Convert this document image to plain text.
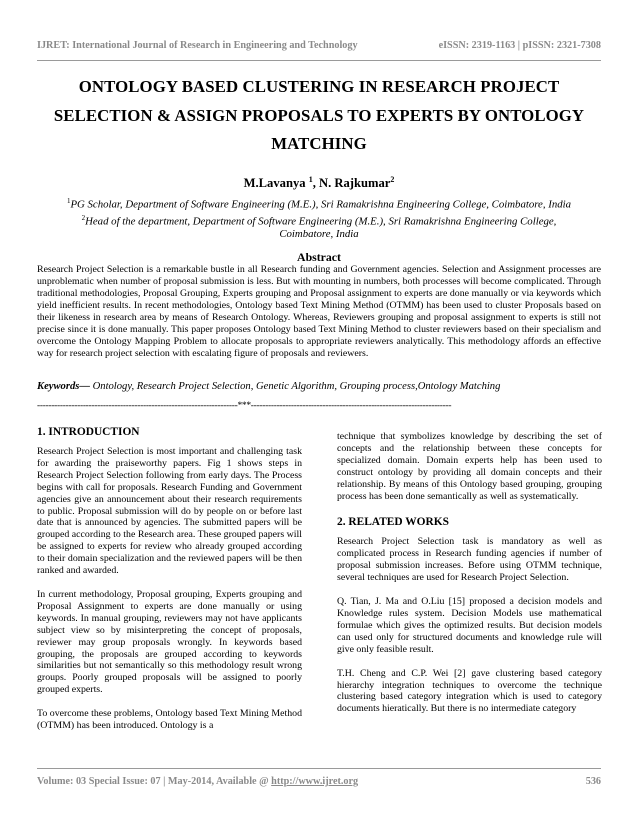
IJRET: International Journal of Research in Engineering and Technology	eISSN: 2319-1163 | pISSN: 2321-7308
ONTOLOGY BASED CLUSTERING IN RESEARCH PROJECT
SELECTION & ASSIGN PROPOSALS TO EXPERTS BY ONTOLOGY
MATCHING
M.Lavanya $^1$, N. Rajkumar$^2$
$^1$PG Scholar, Department of Software Engineering (M.E.), Sri Ramakrishna Engineering College, Coimbatore, India
$^2$Head of the department, Department of Software Engineering (M.E.), Sri Ramakrishna Engineering College,
Coimbatore, India
Abstract

Research Project Selection is a remarkable bustle in all Research funding and Government agencies. Selection and Assignment processes are unproblematic when number of proposal submission is less. But with mounting in numbers, both processes will become complicated. Through traditional methodologies, Proposal Grouping, Experts grouping and Proposal assignment to experts are done manually or via keywords which yield inefficient results. In recent methodologies, Ontology based Text Mining Method (OTMM) has been used to cluster Proposals based on their likeness in research area by means of Research Ontology. Whereas, Reviewers grouping and proposal assignment to experts is still not precise since it is done manually. This paper proposes Ontology based Text Mining Method to cluster reviewers based on their specialism and overcome the Ontology Mapping Problem to allocate proposals to appropriate reviewers analytically. This methodology affords an effective way for research project selection with escalating figure of proposals and reviewers.

Keywords— Ontology, Research Project Selection, Genetic Algorithm, Grouping process,Ontology Matching
----------------------------------------------------------------------***----------------------------------------------------------------------
1. INTRODUCTION

Research Project Selection is most important and challenging task for awarding the praiseworthy papers. Fig 1 shows steps in Research Project Selection following from early days. The Process begins with call for proposals. Research Funding and Government agencies give an announcement about their research requirements to public. Proposal submission will do by people on or before last date that is announced by agencies. The submitted papers will be grouped according to the Research area. These grouped papers will be assigned to experts for review who already grouped according to their domain specialization and the reviewed papers will be then ranked and awarded.

In current methodology, Proposal grouping, Experts grouping and Proposal Assignment to experts are done manually or using keywords. In manual grouping, reviewers may not have applicants subject view so by misinterpreting the concept of proposals, reviewer may group proposals wrongly. In keywords based grouping, the proposals are grouped according to keywords similarities but not semantically so this methodology result wrong groups. Poorly grouped proposals will be assigned to poorly grouped experts.

To overcome these problems, Ontology based Text Mining Method (OTMM) has been introduced. Ontology is a

technique that symbolizes knowledge by describing the set of concepts and the relationship between these concepts for specialized domain. Domain experts help has been used to construct ontology by providing all domain concepts and their relationship. By means of this Ontology based grouping, grouping process has been done semantically as well as systematically.

2. RELATED WORKS

Research Project Selection task is mandatory as well as complicated process in Research funding agencies if number of proposal submission increases. Before using OTMM technique, several techniques are used for Research Project Selection.

Q. Tian, J. Ma and O.Liu [15] proposed a decision models and Knowledge rules system. Decision Models use mathematical formulae which gives the optimized results. But decision models can used only for structured documents and knowledge rule will give only feasible result.

T.H. Cheng and C.P. Wei [2] gave clustering based category hierarchy integration techniques to overcome the technique clustering based category integration which is used to category documents hieratically. But there is no intermediate category

Volume: 03 Special Issue: 07 | May-2014, Available @ http://www.ijret.org	536
